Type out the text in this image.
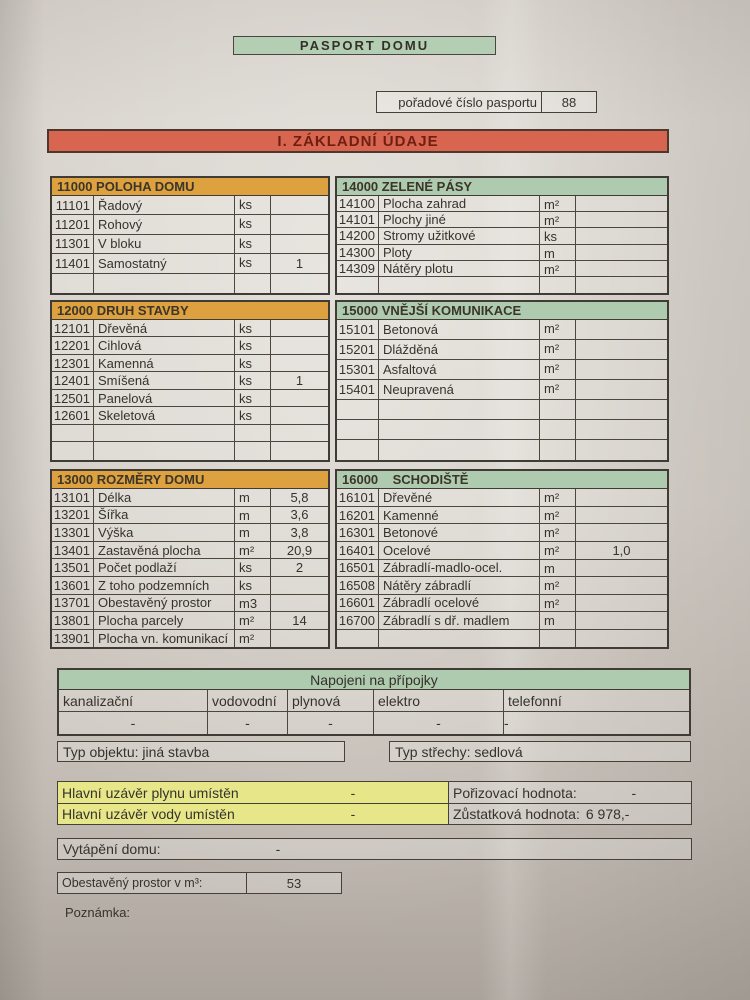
PASPORT DOMU
pořadové číslo pasportu	88
I. ZÁKLADNÍ ÚDAJE
11000 POLOHA DOMU
11101 Řadový	ks
11201 Rohový	ks
11301 V bloku	ks
11401 Samostatný	ks	1
12000 DRUH STAVBY
12101 Dřevěná	ks
12201 Cihlová	ks
12301 Kamenná	ks
12401 Smíšená	ks	1
12501 Panelová	ks
12601 Skeletová	ks
13000 ROZMĚRY DOMU
13101 Délka	m	5,8
13201 Šířka	m	3,6
13301 Výška	m	3,8
13401 Zastavěná plocha	m²	20,9
13501 Počet podlaží	ks	2
13601 Z toho podzemních	ks
13701 Obestavěný prostor	m3
13801 Plocha parcely	m²	14
13901 Plocha vn. komunikací m²
14000 ZELENÉ PÁSY
14100 Plocha zahrad	m²
14101 Plochy jiné	m²
14200 Stromy užitkové	ks
14300 Ploty	m
14309 Nátěry plotu	m²
15000 VNĚJŠÍ KOMUNIKACE
15101 Betonová	m²
15201 Dlážděná	m²
15301 Asfaltová	m²
15401 Neupravená	m²
16000    SCHODIŠTĚ
16101 Dřevěné	m²
16201 Kamenné	m²
16301 Betonové	m²
16401 Ocelové	m²	1,0
16501 Zábradlí-madlo-ocel.	m
16508 Nátěry zábradlí	m²
16601 Zábradlí ocelové	m²
16700 Zábradlí s dř. madlem	m
Napojeni na přípojky
kanalizační	vodovodní	plynová	elektro	telefonní
-	-	-	-	-
Typ objektu: jiná stavba	Typ střechy: sedlová
Hlavní uzávěr plynu umístěn	-	Pořizovací hodnota:	-
Hlavní uzávěr vody umístěn	-	Zůstatková hodnota: 6 978,-
Vytápění domu:	-
Obestavěný prostor v m³:	53
Poznámka:
